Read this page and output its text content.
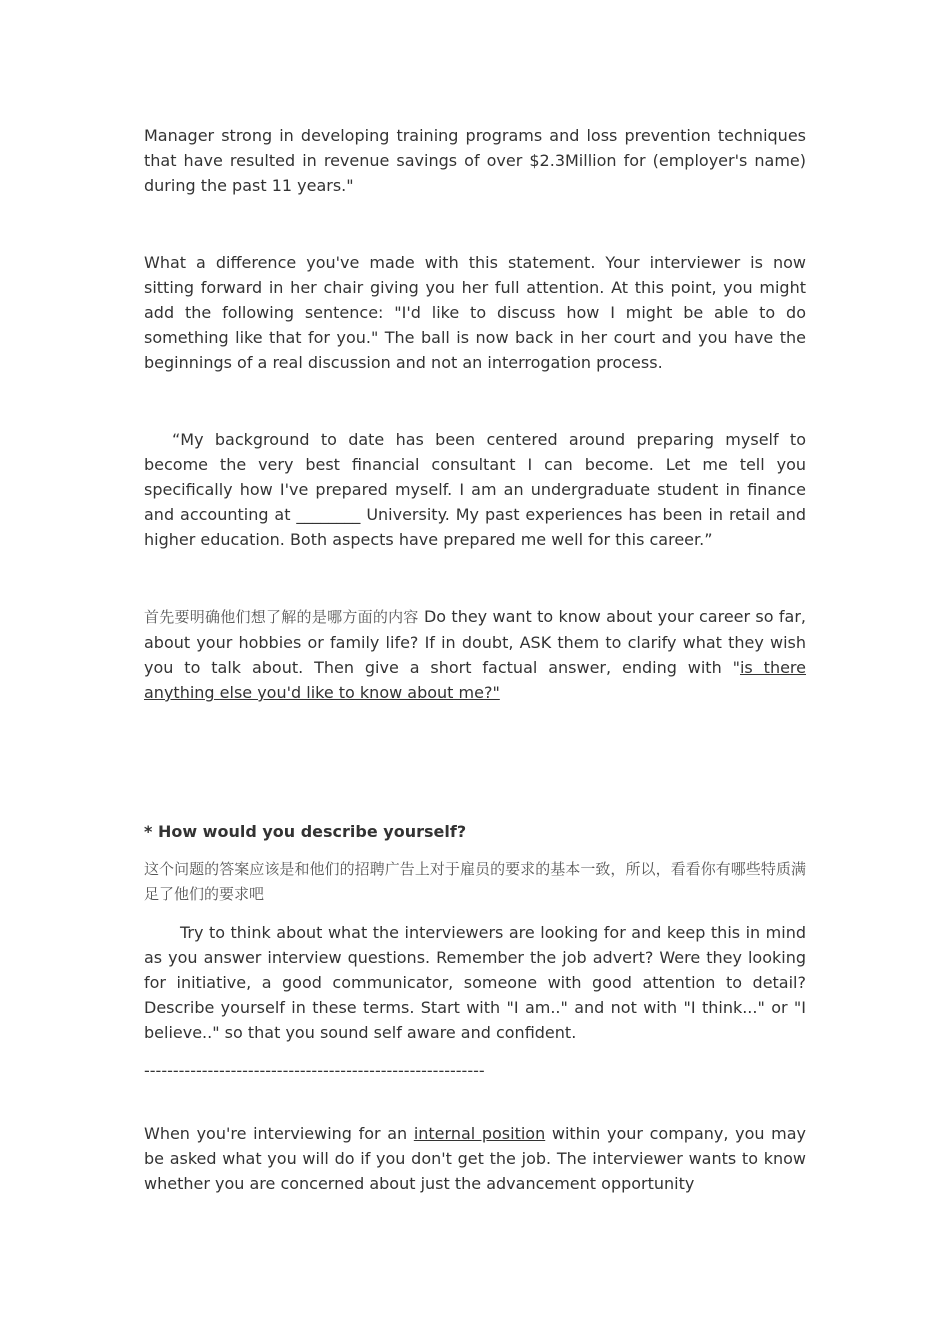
Manager strong in developing training programs and loss prevention techniques that have resulted in revenue savings of over $2.3Million for (employer's name) during the past 11 years."

What a difference you've made with this statement. Your interviewer is now sitting forward in her chair giving you her full attention. At this point, you might add the following sentence: "I'd like to discuss how I might be able to do something like that for you." The ball is now back in her court and you have the beginnings of a real discussion and not an interrogation process.

“My background to date has been centered around preparing myself to become the very best financial consultant I can become. Let me tell you specifically how I've prepared myself. I am an undergraduate student in finance and accounting at ________ University. My past experiences has been in retail and higher education. Both aspects have prepared me well for this career.”

首先要明确他们想了解的是哪方面的内容 Do they want to know about your career so far, about your hobbies or family life? If in doubt, ASK them to clarify what they wish you to talk about. Then give a short factual answer, ending with "is there anything else you'd like to know about me?"

* How would you describe yourself?

这个问题的答案应该是和他们的招聘广告上对于雇员的要求的基本一致，所以，看看你有哪些特质满足了他们的要求吧

Try to think about what the interviewers are looking for and keep this in mind as you answer interview questions. Remember the job advert? Were they looking for initiative, a good communicator, someone with good attention to detail? Describe yourself in these terms. Start with "I am.." and not with "I think..." or "I believe.." so that you sound self aware and confident.

-----------------------------------------------------------

When you're interviewing for an internal position within your company, you may be asked what you will do if you don't get the job. The interviewer wants to know whether you are concerned about just the advancement opportunity
